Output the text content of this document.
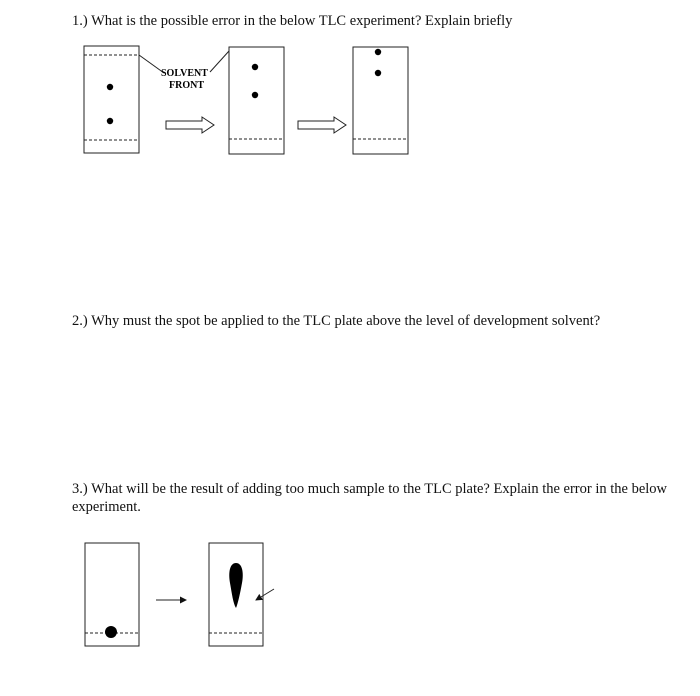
1.) What is the possible error in the below TLC experiment? Explain briefly

2.) Why must the spot be applied to the TLC plate above the level of development solvent?

3.) What will be the result of adding too much sample to the TLC plate? Explain the error in the below experiment.

SOLVENT
FRONT
